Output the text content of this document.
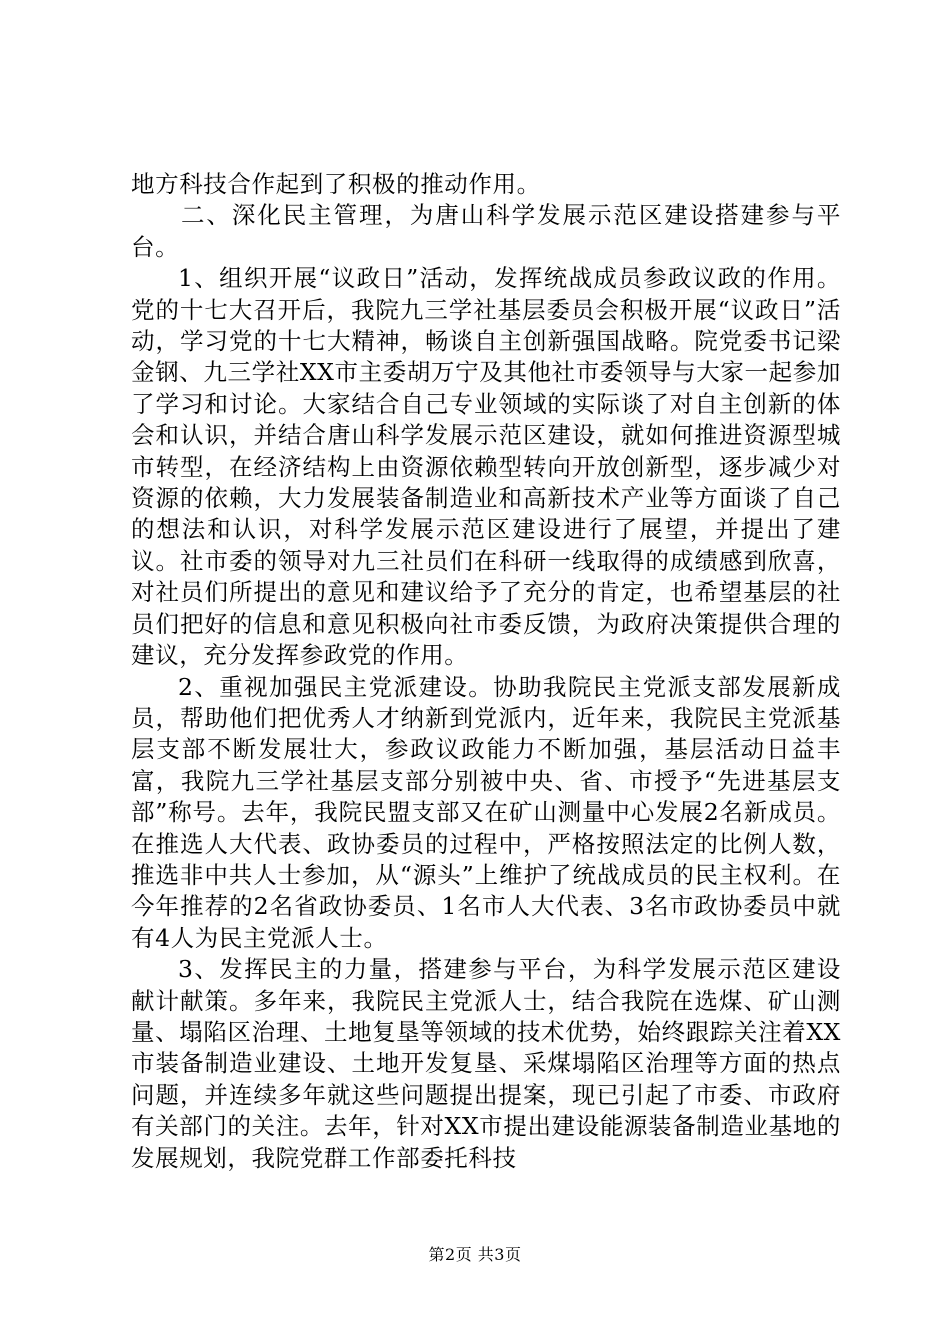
地方科技合作起到了积极的推动作用。

二、深化民主管理，为唐山科学发展示范区建设搭建参与平台。

1、组织开展“议政日”活动，发挥统战成员参政议政的作用。党的十七大召开后，我院九三学社基层委员会积极开展“议政日”活动，学习党的十七大精神，畅谈自主创新强国战略。院党委书记梁金钢、九三学社XX市主委胡万宁及其他社市委领导与大家一起参加了学习和讨论。大家结合自己专业领域的实际谈了对自主创新的体会和认识，并结合唐山科学发展示范区建设，就如何推进资源型城市转型，在经济结构上由资源依赖型转向开放创新型，逐步减少对资源的依赖，大力发展装备制造业和高新技术产业等方面谈了自己的想法和认识，对科学发展示范区建设进行了展望，并提出了建议。社市委的领导对九三社员们在科研一线取得的成绩感到欣喜，对社员们所提出的意见和建议给予了充分的肯定，也希望基层的社员们把好的信息和意见积极向社市委反馈，为政府决策提供合理的建议，充分发挥参政党的作用。

2、重视加强民主党派建设。协助我院民主党派支部发展新成员，帮助他们把优秀人才纳新到党派内，近年来，我院民主党派基层支部不断发展壮大，参政议政能力不断加强，基层活动日益丰富，我院九三学社基层支部分别被中央、省、市授予“先进基层支部”称号。去年，我院民盟支部又在矿山测量中心发展2名新成员。在推选人大代表、政协委员的过程中，严格按照法定的比例人数，推选非中共人士参加，从“源头”上维护了统战成员的民主权利。在今年推荐的2名省政协委员、1名市人大代表、3名市政协委员中就有4人为民主党派人士。

3、发挥民主的力量，搭建参与平台，为科学发展示范区建设献计献策。多年来，我院民主党派人士，结合我院在选煤、矿山测量、塌陷区治理、土地复垦等领域的技术优势，始终跟踪关注着XX市装备制造业建设、土地开发复垦、采煤塌陷区治理等方面的热点问题，并连续多年就这些问题提出提案，现已引起了市委、市政府有关部门的关注。去年，针对XX市提出建设能源装备制造业基地的发展规划，我院党群工作部委托科技

第2页 共3页
